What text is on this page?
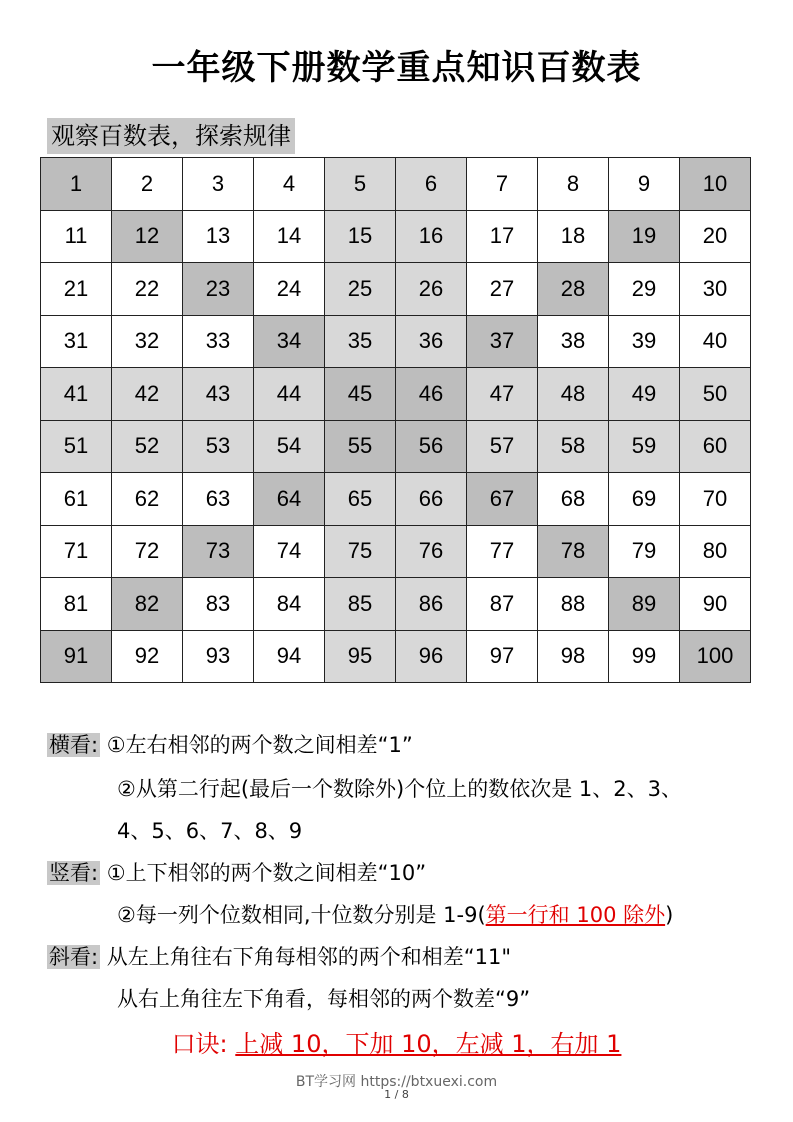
一年级下册数学重点知识百数表
观察百数表，探索规律
1	2	3	4	5	6	7	8	9	10
11	12	13	14	15	16	17	18	19	20
21	22	23	24	25	26	27	28	29	30
31	32	33	34	35	36	37	38	39	40
41	42	43	44	45	46	47	48	49	50
51	52	53	54	55	56	57	58	59	60
61	62	63	64	65	66	67	68	69	70
71	72	73	74	75	76	77	78	79	80
81	82	83	84	85	86	87	88	89	90
91	92	93	94	95	96	97	98	99	100
横看: ①左右相邻的两个数之间相差“1”
②从第二行起(最后一个数除外)个位上的数依次是 1、2、3、
4、5、6、7、8、9
竖看: ①上下相邻的两个数之间相差“10”
②每一列个位数相同,十位数分别是 1-9(第一行和 100 除外)
斜看: 从左上角往右下角每相邻的两个和相差“11"
从右上角往左下角看，每相邻的两个数差“9”
口诀: 上减 10，下加 10，左减 1，右加 1
BT学习网 https://btxuexi.com
1 / 8
